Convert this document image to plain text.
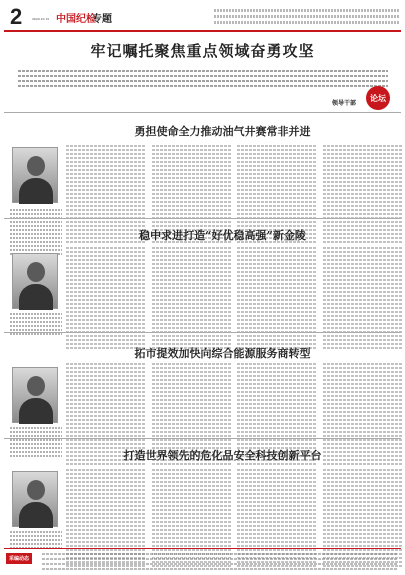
2	2020.10.15 中国纪检
专题
牢记嘱托聚焦重点领域奋勇攻坚
领导干部
论坛
勇担使命全力推动油气井赛常非并进
稳中求进打造“好优稳高强”新金陵
拓市提效加快向综合能源服务商转型
打造世界领先的危化品安全科技创新平台
采编动态
